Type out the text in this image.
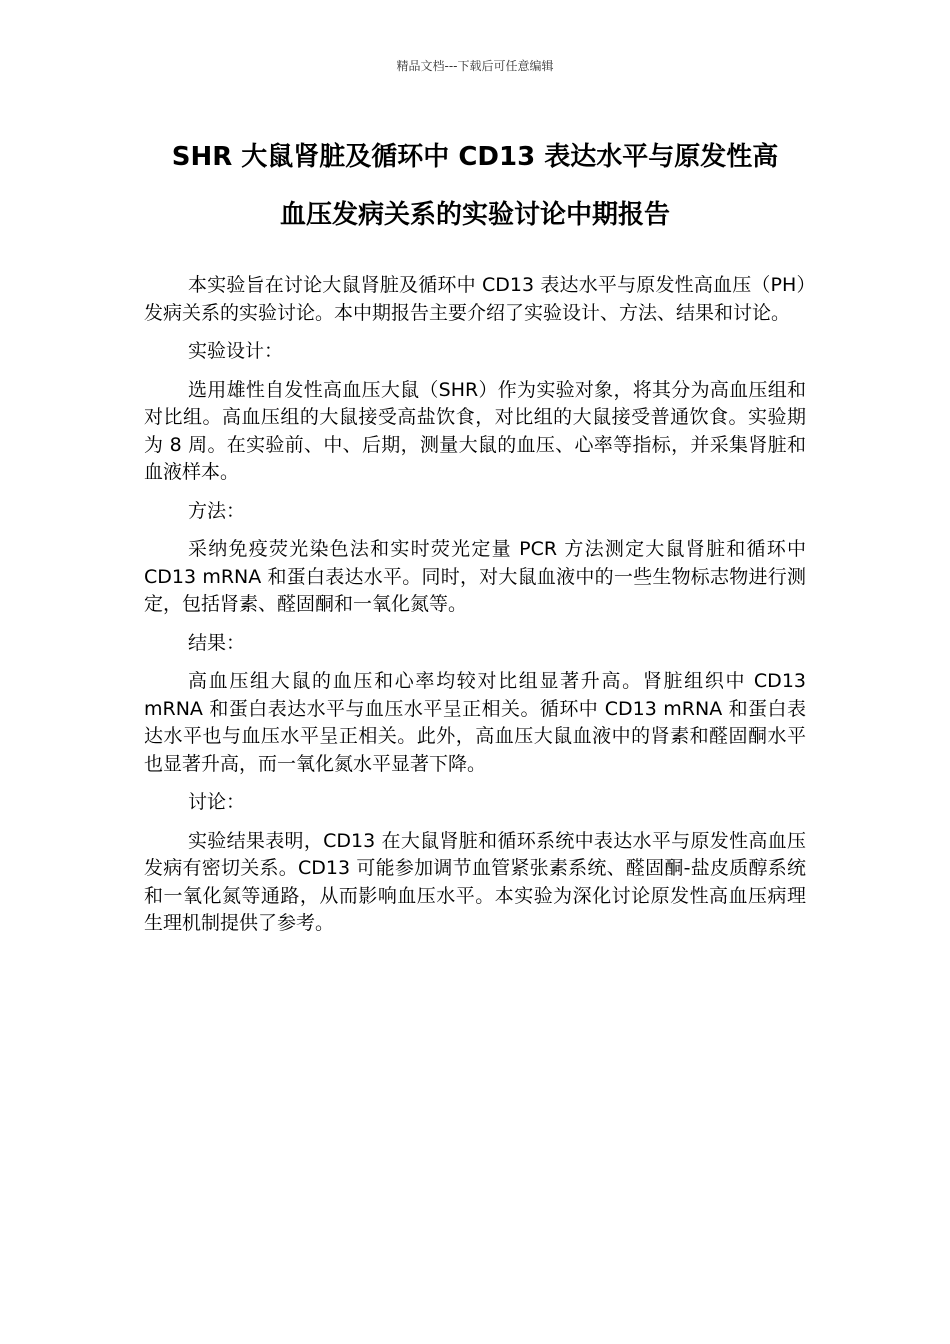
精品文档---下载后可任意编辑
SHR 大鼠肾脏及循环中 CD13 表达水平与原发性高
血压发病关系的实验讨论中期报告

本实验旨在讨论大鼠肾脏及循环中 CD13 表达水平与原发性高血压（PH）发病关系的实验讨论。本中期报告主要介绍了实验设计、方法、结果和讨论。

实验设计：

选用雄性自发性高血压大鼠（SHR）作为实验对象，将其分为高血压组和对比组。高血压组的大鼠接受高盐饮食，对比组的大鼠接受普通饮食。实验期为 8 周。在实验前、中、后期，测量大鼠的血压、心率等指标，并采集肾脏和血液样本。

方法：

采纳免疫荧光染色法和实时荧光定量 PCR 方法测定大鼠肾脏和循环中 CD13 mRNA 和蛋白表达水平。同时，对大鼠血液中的一些生物标志物进行测定，包括肾素、醛固酮和一氧化氮等。

结果：

高血压组大鼠的血压和心率均较对比组显著升高。肾脏组织中 CD13 mRNA 和蛋白表达水平与血压水平呈正相关。循环中 CD13 mRNA 和蛋白表达水平也与血压水平呈正相关。此外，高血压大鼠血液中的肾素和醛固酮水平也显著升高，而一氧化氮水平显著下降。

讨论：

实验结果表明，CD13 在大鼠肾脏和循环系统中表达水平与原发性高血压发病有密切关系。CD13 可能参加调节血管紧张素系统、醛固酮-盐皮质醇系统和一氧化氮等通路，从而影响血压水平。本实验为深化讨论原发性高血压病理生理机制提供了参考。
